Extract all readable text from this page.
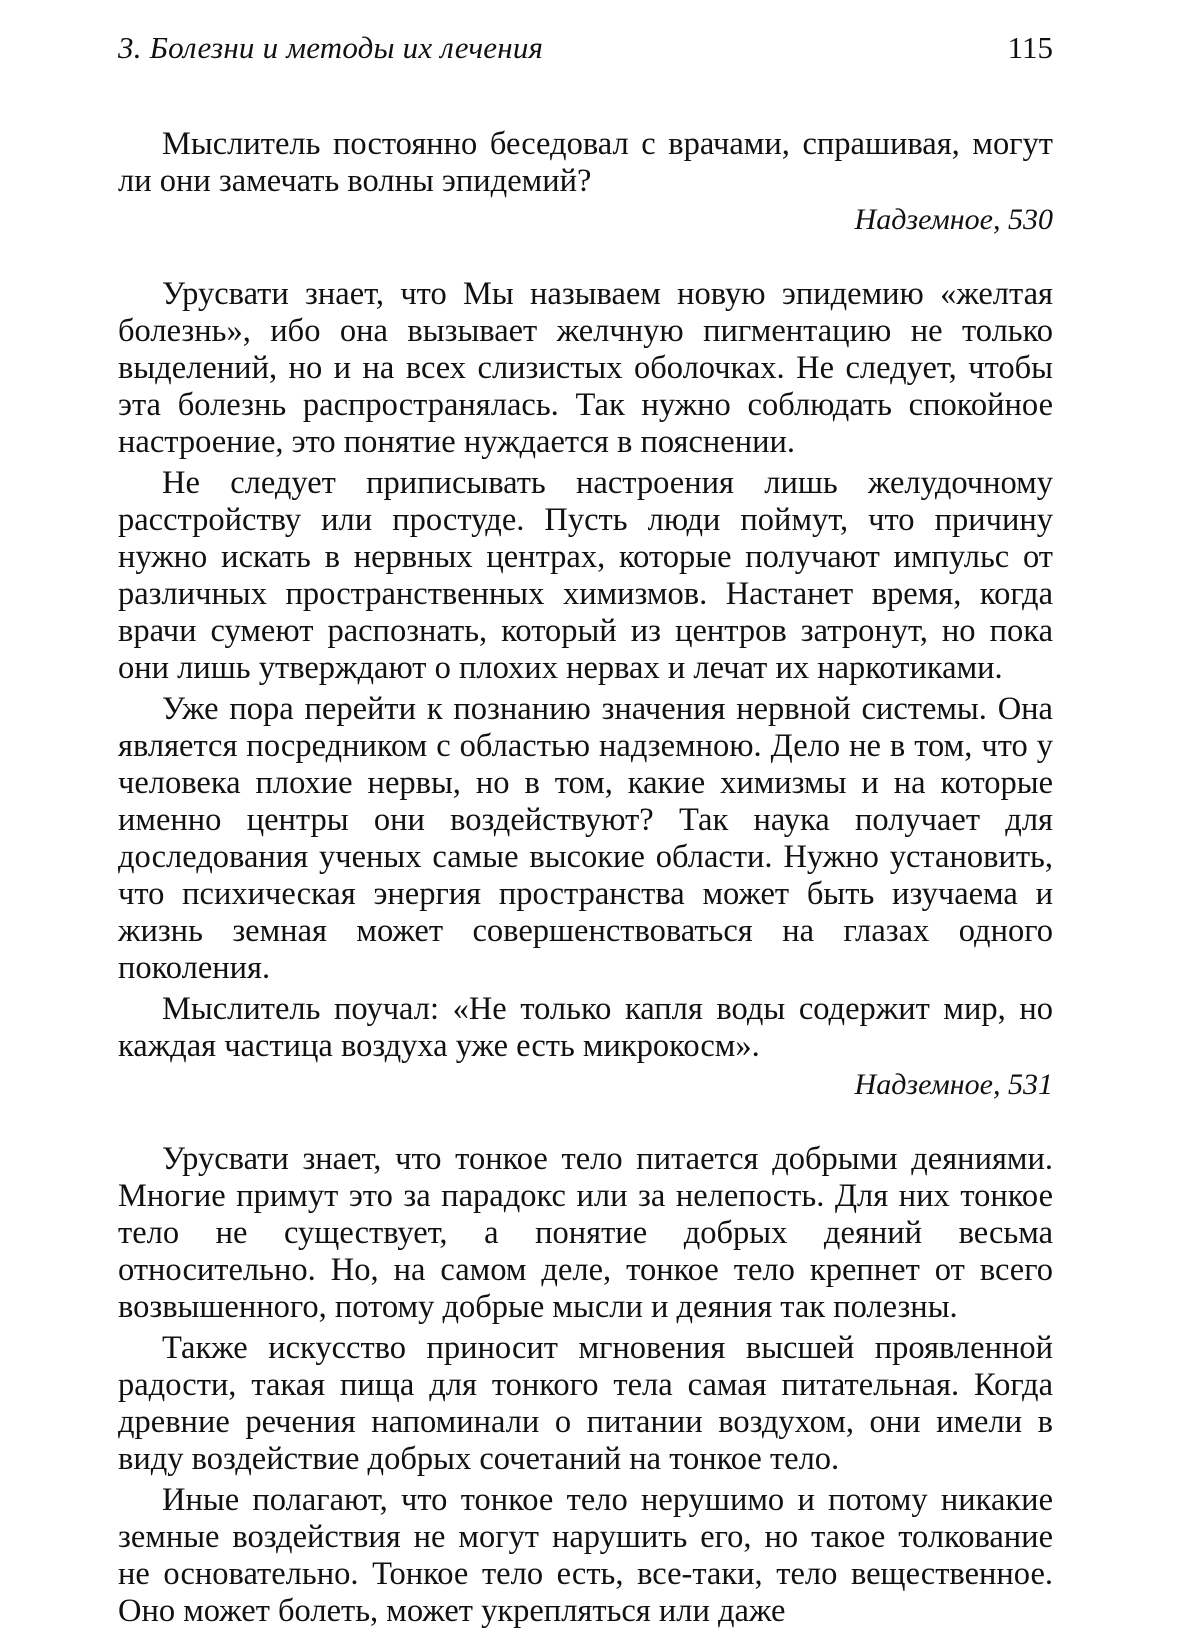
3. Болезни и методы их лечения	115

Мыслитель постоянно беседовал с врачами, спрашивая, могут ли они замечать волны эпидемий?

Надземное, 530

Урусвати знает, что Мы называем новую эпидемию «желтая болезнь», ибо она вызывает желчную пигментацию не только выделений, но и на всех слизистых оболочках. Не следует, чтобы эта болезнь распространялась. Так нужно соблюдать спокойное настроение, это понятие нуждается в пояснении.

Не следует приписывать настроения лишь желудочному расстройству или простуде. Пусть люди поймут, что причину нужно искать в нервных центрах, которые получают импульс от различных пространственных химизмов. Настанет время, когда врачи сумеют распознать, который из центров затронут, но пока они лишь утверждают о плохих нервах и лечат их наркотиками.

Уже пора перейти к познанию значения нервной системы. Она является посредником с областью надземною. Дело не в том, что у человека плохие нервы, но в том, какие химизмы и на которые именно центры они воздействуют? Так наука получает для доследования ученых самые высокие области. Нужно установить, что психическая энергия пространства может быть изучаема и жизнь земная может совершенствоваться на глазах одного поколения.

Мыслитель поучал: «Не только капля воды содержит мир, но каждая частица воздуха уже есть микрокосм».

Надземное, 531

Урусвати знает, что тонкое тело питается добрыми деяниями. Многие примут это за парадокс или за нелепость. Для них тонкое тело не существует, а понятие добрых деяний весьма относительно. Но, на самом деле, тонкое тело крепнет от всего возвышенного, потому добрые мысли и деяния так полезны.

Также искусство приносит мгновения высшей проявленной радости, такая пища для тонкого тела самая питательная. Когда древние речения напоминали о питании воздухом, они имели в виду воздействие добрых сочетаний на тонкое тело.

Иные полагают, что тонкое тело нерушимо и потому никакие земные воздействия не могут нарушить его, но такое толкование не основательно. Тонкое тело есть, все-таки, тело вещественное. Оно может болеть, может укрепляться или даже
